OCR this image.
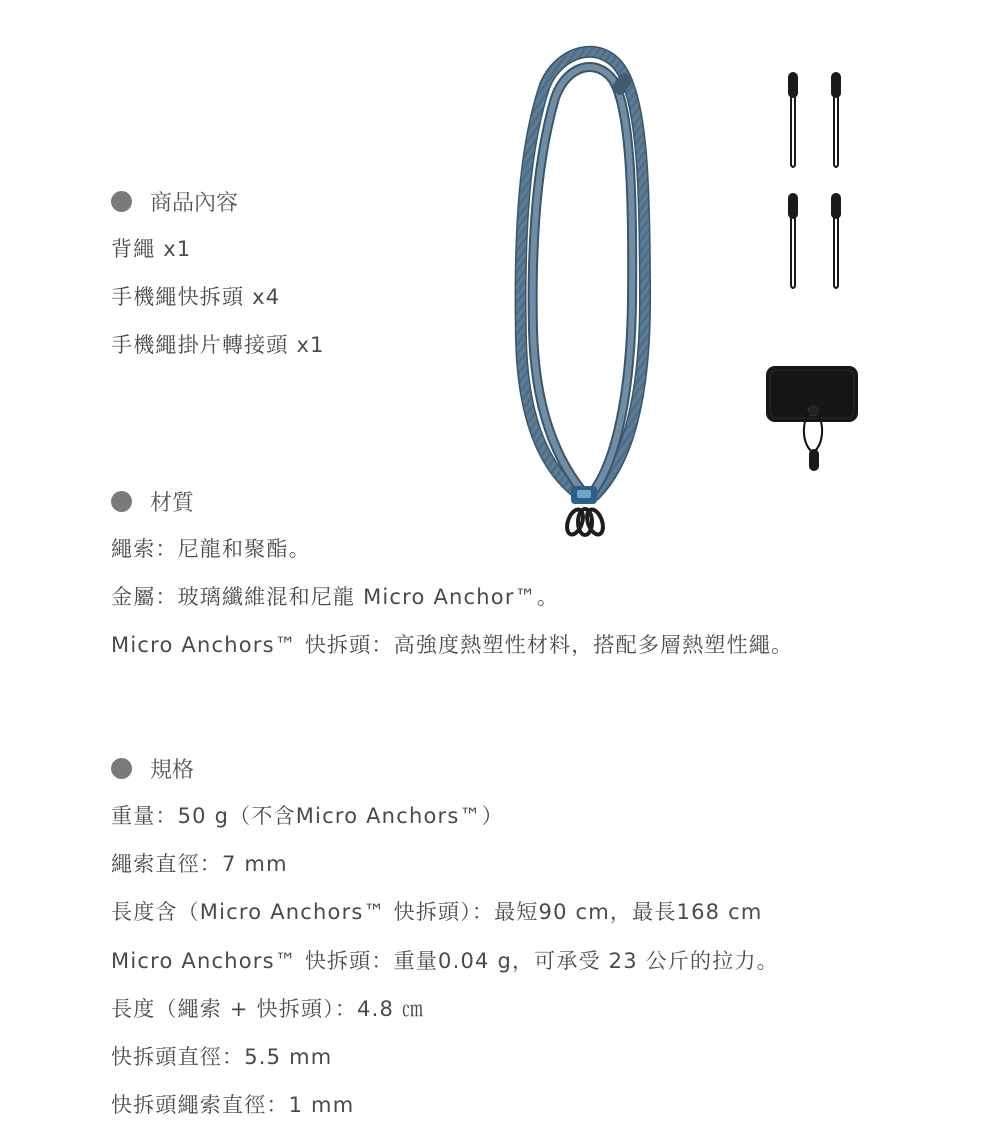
商品內容
背繩 x1
手機繩快拆頭 x4
手機繩掛片轉接頭 x1
材質
繩索：尼龍和聚酯。
金屬：玻璃纖維混和尼龍 Micro Anchor™。
Micro Anchors™ 快拆頭：高強度熱塑性材料，搭配多層熱塑性繩。
規格
重量：50 g（不含Micro Anchors™）
繩索直徑：7 mm
長度含（Micro Anchors™ 快拆頭）：最短90 cm，最長168 cm
Micro Anchors™ 快拆頭：重量0.04 g，可承受 23 公斤的拉力。
長度（繩索 + 快拆頭）：4.8 ㎝
快拆頭直徑：5.5 mm
快拆頭繩索直徑：1 mm
